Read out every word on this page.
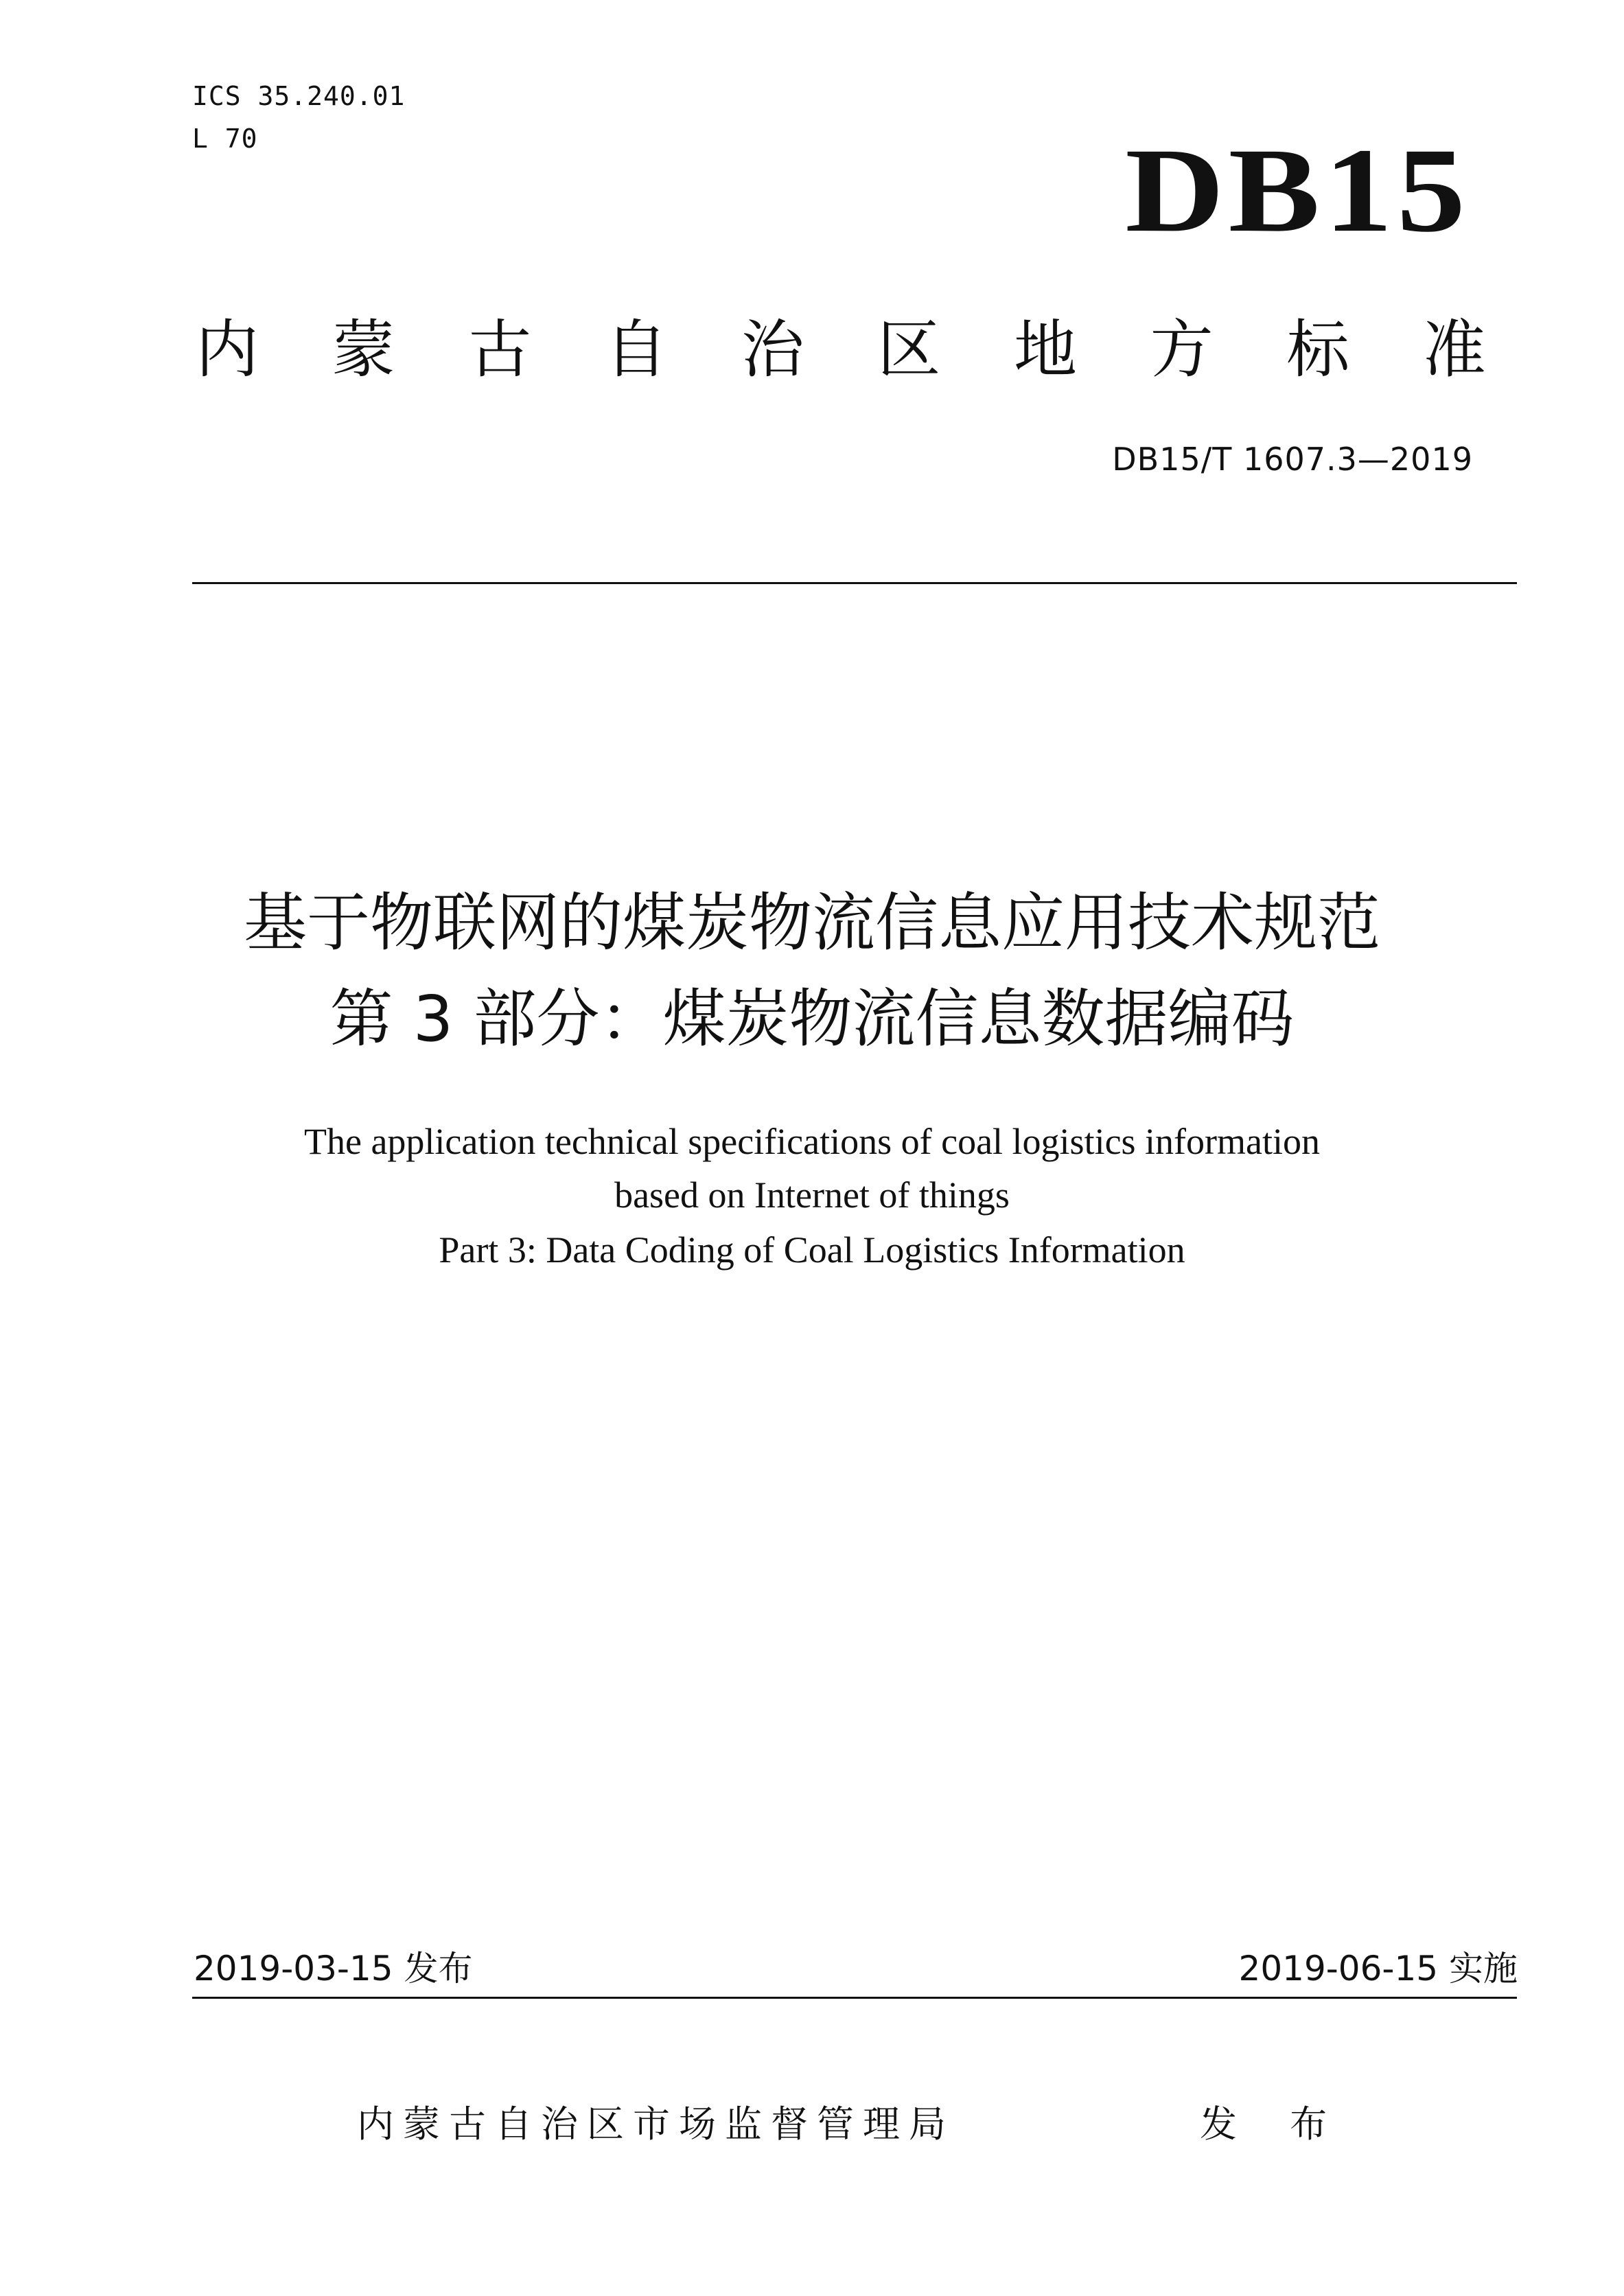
ICS 35.240.01
L 70	DB15
内 蒙 古 自 治 区 地 方 标 准
DB15/T 1607.3—2019
基于物联网的煤炭物流信息应用技术规范
第 3 部分：煤炭物流信息数据编码
The application technical specifications of coal logistics information
based on Internet of things
Part 3: Data Coding of Coal Logistics Information
2019-03-15 发布	2019-06-15 实施
内蒙古自治区市场监督管理局	发 布
